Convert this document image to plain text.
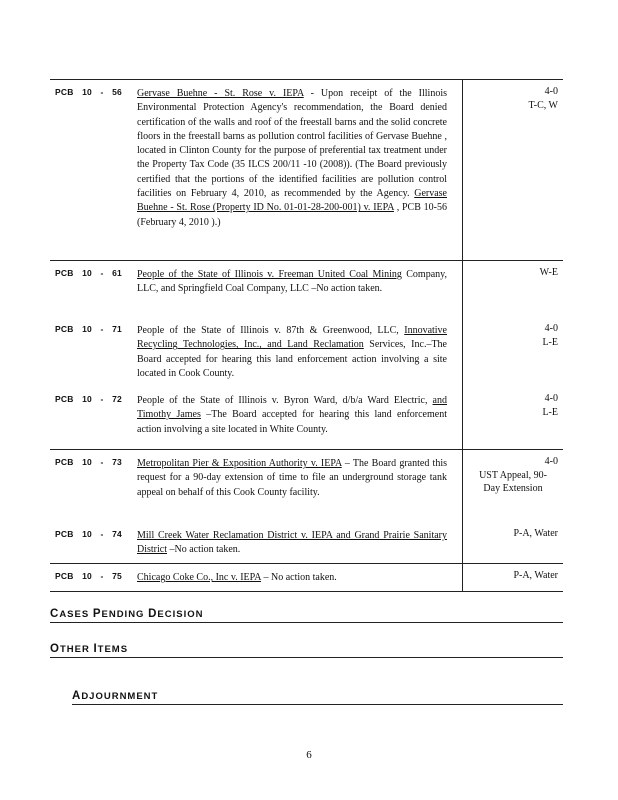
PCB 10 - 56 Gervase Buehne - St. Rose v. IEPA - Upon receipt of the Illinois Environmental Protection Agency's recommendation, the Board denied certification of the walls and roof of the freestall barns and the solid concrete floors in the freestall barns as pollution control facilities of Gervase Buehne , located in Clinton County for the purpose of preferential tax treatment under the Property Tax Code (35 ILCS 200/11 -10 (2008)). (The Board previously certified that the portions of the identified facilities are pollution control facilities on February 4, 2010, as recommended by the Agency. Gervase Buehne - St. Rose (Property ID No. 01-01-28-200-001) v. IEPA , PCB 10-56 (February 4, 2010 ).)
4-0
T-C, W
PCB 10 - 61 People of the State of Illinois v. Freeman United Coal Mining Company, LLC, and Springfield Coal Company, LLC –No action taken.
W-E
PCB 10 - 71 People of the State of Illinois v. 87th & Greenwood, LLC, Innovative Recycling Technologies, Inc., and Land Reclamation Services, Inc.–The Board accepted for hearing this land enforcement action involving a site located in Cook County.
4-0
L-E
PCB 10 - 72 People of the State of Illinois v. Byron Ward, d/b/a Ward Electric, and Timothy James –The Board accepted for hearing this land enforcement action involving a site located in White County.
4-0
L-E
PCB 10 - 73 Metropolitan Pier & Exposition Authority v. IEPA – The Board granted this request for a 90-day extension of time to file an underground storage tank appeal on behalf of this Cook County facility.
4-0
UST Appeal, 90-
Day Extension
PCB 10 - 74 Mill Creek Water Reclamation District v. IEPA and Grand Prairie Sanitary District –No action taken.
P-A, Water
PCB 10 - 75 Chicago Coke Co., Inc v. IEPA – No action taken.	P-A, Water
CASES PENDING DECISION
OTHER ITEMS
ADJOURNMENT
6
